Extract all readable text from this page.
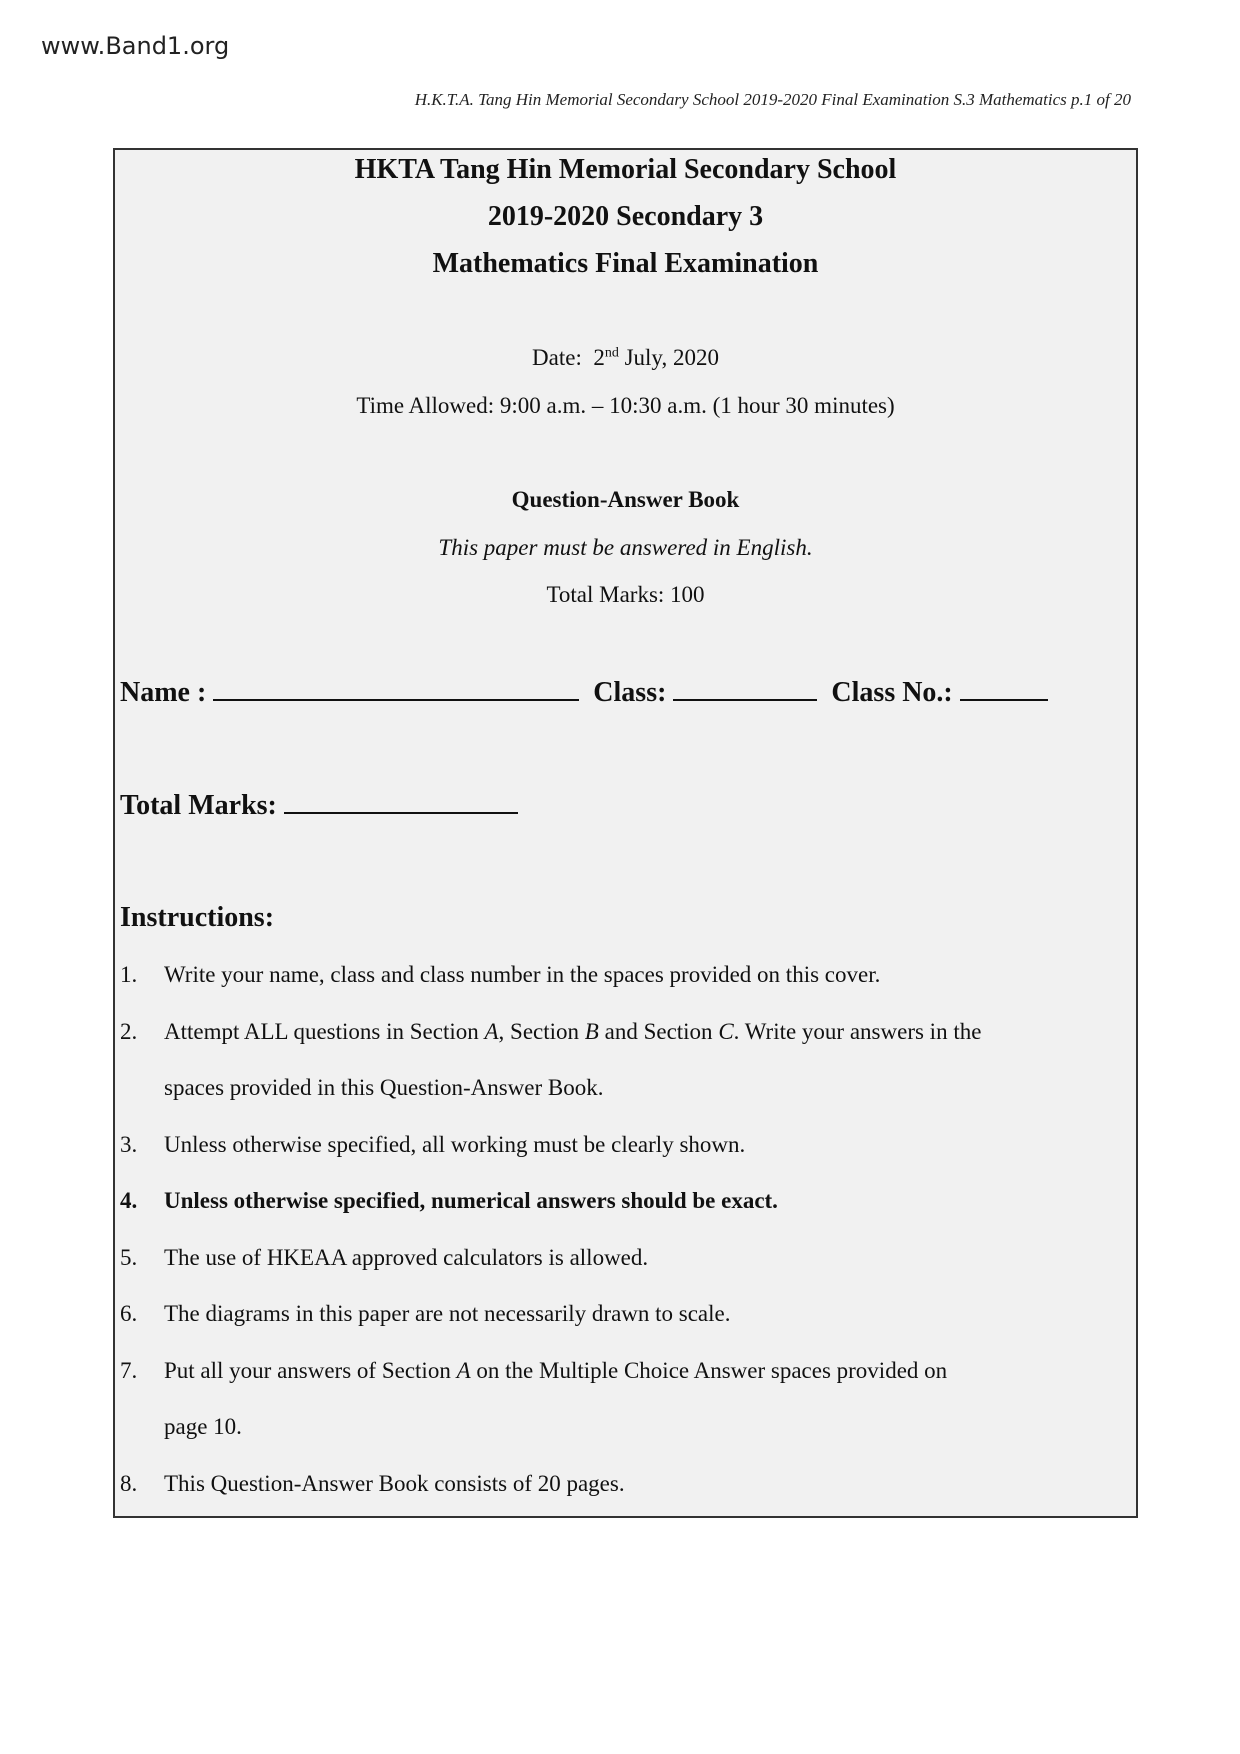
www.Band1.org
H.K.T.A. Tang Hin Memorial Secondary School 2019-2020 Final Examination S.3 Mathematics p.1 of 20
HKTA Tang Hin Memorial Secondary School
2019-2020 Secondary 3
Mathematics Final Examination
Date: 2nd July, 2020
Time Allowed: 9:00 a.m. – 10:30 a.m. (1 hour 30 minutes)
Question-Answer Book
This paper must be answered in English.
Total Marks: 100
Name :	Class:	Class No.:
Total Marks:
Instructions:
1. Write your name, class and class number in the spaces provided on this cover.
2. Attempt ALL questions in Section A, Section B and Section C. Write your answers in the
spaces provided in this Question-Answer Book.
3. Unless otherwise specified, all working must be clearly shown.
4. Unless otherwise specified, numerical answers should be exact.
5. The use of HKEAA approved calculators is allowed.
6. The diagrams in this paper are not necessarily drawn to scale.
7. Put all your answers of Section A on the Multiple Choice Answer spaces provided on
page 10.
8. This Question-Answer Book consists of 20 pages.
